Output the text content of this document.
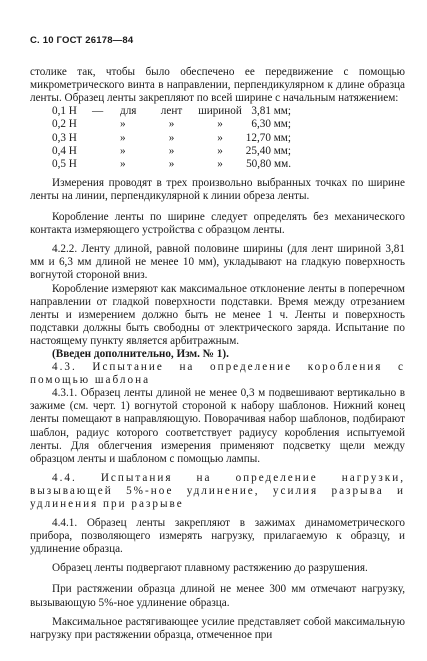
С. 10 ГОСТ 26178—84

столике так, чтобы было обеспечено ее передвижение с помощью микрометрического винта в направлении, перпендикулярном к длине образца ленты. Образец ленты закрепляют по всей ширине с начальным натяжением:

0,1 Н	—	для	лент	шириной	3,81 мм;
0,2 Н		»	»	»	6,30 мм;
0,3 Н		»	»	»	12,70 мм;
0,4 Н		»	»	»	25,40 мм;
0,5 Н		»	»	»	50,80 мм.

Измерения проводят в трех произвольно выбранных точках по ширине ленты на линии, перпендикулярной к линии обреза ленты.

Коробление ленты по ширине следует определять без механического контакта измеряющего устройства с образцом ленты.

4.2.2. Ленту длиной, равной половине ширины (для лент шириной 3,81 мм и 6,3 мм длиной не менее 10 мм), укладывают на гладкую поверхность вогнутой стороной вниз.

Коробление измеряют как максимальное отклонение ленты в поперечном направлении от гладкой поверхности подставки. Время между отрезанием ленты и измерением должно быть не менее 1 ч. Ленты и поверхность подставки должны быть свободны от электрического заряда. Испытание по настоящему пункту является арбитражным.

(Введен дополнительно, Изм. № 1).

4.3. Испытание на определение коробления с помощью шаблона

4.3.1. Образец ленты длиной не менее 0,3 м подвешивают вертикально в зажиме (см. черт. 1) вогнутой стороной к набору шаблонов. Нижний конец ленты помещают в направляющую. Поворачивая набор шаблонов, подбирают шаблон, радиус которого соответствует радиусу коробления испытуемой ленты. Для облегчения измерения применяют подсветку щели между образцом ленты и шаблоном с помощью лампы.

4.4. Испытания на определение нагрузки, вызывающей 5%-ное удлинение, усилия разрыва и удлинения при разрыве

4.4.1. Образец ленты закрепляют в зажимах динамометрического прибора, позволяющего измерять нагрузку, прилагаемую к образцу, и удлинение образца.

Образец ленты подвергают плавному растяжению до разрушения.

При растяжении образца длиной не менее 300 мм отмечают нагрузку, вызывающую 5%-ное удлинение образца.

Максимальное растягивающее усилие представляет собой максимальную нагрузку при растяжении образца, отмеченное при
